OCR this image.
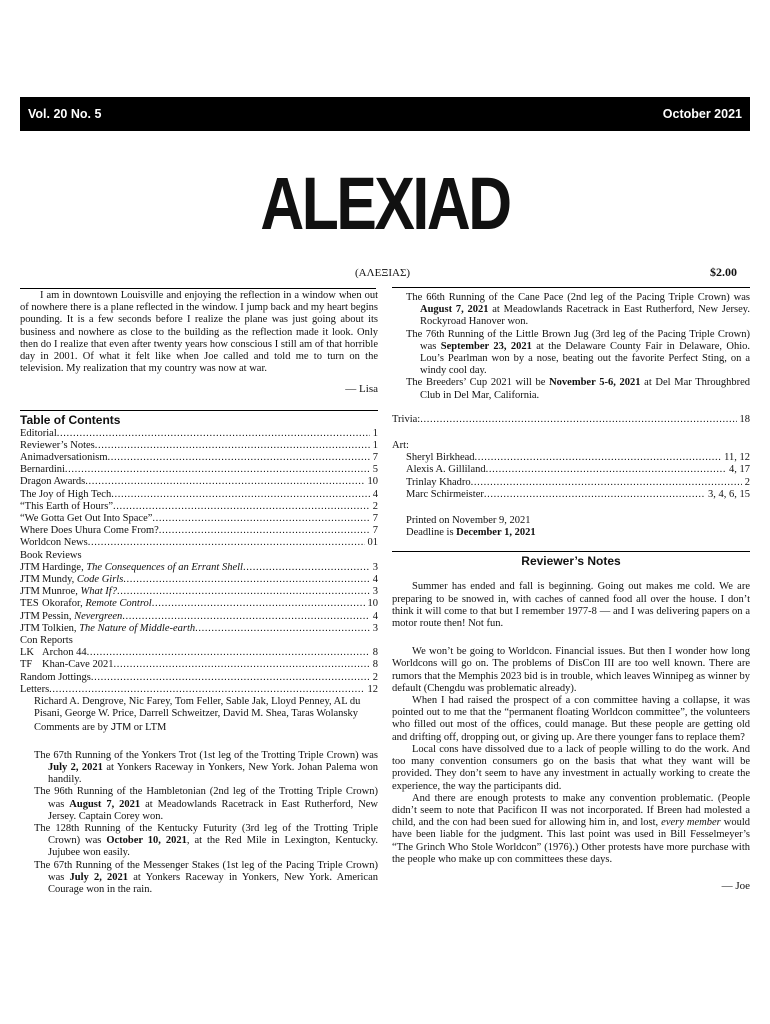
Vol. 20 No. 5	October 2021
ALEXIAD
(ΑΛΕΞΙΑΣ)	$2.00

I am in downtown Louisville and enjoying the reflection in a window when out of nowhere there is a plane reflected in the window. I jump back and my heart begins pounding. It is a few seconds before I realize the plane was just going about its business and nowhere as close to the building as the reflection made it look. Only then do I realize that even after twenty years how conscious I still am of that horrible day in 2001. Of what it felt like when Joe called and told me to turn on the television. My realization that my country was now at war.

— Lisa

Table of Contents
Editorial . . .	1
Reviewer’s Notes . . .	1
Animadversationism . . .	7
Bernardini . . .	5
Dragon Awards . . .	10
The Joy of High Tech . . .	4
“This Earth of Hours” . . .	2
“We Gotta Get Out Into Space” . . .	7
Where Does Uhura Come From? . . .	7
Worldcon News . . .	01
Book Reviews
JTM Hardinge, The Consequences of an Errant Shell . . .	3
JTM Mundy, Code Girls . . .	4
JTM Munroe, What If? . . .	3
TES Okorafor, Remote Control . . .	10
JTM Pessin, Nevergreen . . .	4
JTM Tolkien, The Nature of Middle-earth . . .	3
Con Reports
LK Archon 44 . . .	8
TF Khan-Cave 2021 . . .	8
Random Jottings . . .	2
Letters . . .	12

Richard A. Dengrove, Nic Farey, Tom Feller, Sable Jak, Lloyd Penney, AL du Pisani, George W. Price, Darrell Schweitzer, David M. Shea, Taras Wolansky

Comments are by JTM or LTM

The 67th Running of the Yonkers Trot (1st leg of the Trotting Triple Crown) was July 2, 2021 at Yonkers Raceway in Yonkers, New York. Johan Palema won handily.

The 96th Running of the Hambletonian (2nd leg of the Trotting Triple Crown) was August 7, 2021 at Meadowlands Racetrack in East Rutherford, New Jersey. Captain Corey won.

The 128th Running of the Kentucky Futurity (3rd leg of the Trotting Triple Crown) was October 10, 2021, at the Red Mile in Lexington, Kentucky. Jujubee won easily.

The 67th Running of the Messenger Stakes (1st leg of the Pacing Triple Crown) was July 2, 2021 at Yonkers Raceway in Yonkers, New York. American Courage won in the rain.

The 66th Running of the Cane Pace (2nd leg of the Pacing Triple Crown) was August 7, 2021 at Meadowlands Racetrack in East Rutherford, New Jersey. Rockyroad Hanover won.

The 76th Running of the Little Brown Jug (3rd leg of the Pacing Triple Crown) was September 23, 2021 at the Delaware County Fair in Delaware, Ohio. Lou’s Pearlman won by a nose, beating out the favorite Perfect Sting, on a windy cool day.

The Breeders’ Cup 2021 will be November 5-6, 2021 at Del Mar Throughbred Club in Del Mar, California.

Trivia: . . .	18
Art:
Sheryl Birkhead . . .	11, 12
Alexis A. Gilliland . . .	4, 17
Trinlay Khadro . . .	2
Marc Schirmeister . . .	3, 4, 6, 15

Printed on November 9, 2021

Deadline is December 1, 2021

Reviewer’s Notes

Summer has ended and fall is beginning. Going out makes me cold. We are preparing to be snowed in, with caches of canned food all over the house. I don’t think it will come to that but I remember 1977-8 — and I was delivering papers on a motor route then! Not fun.

We won’t be going to Worldcon. Financial issues. But then I wonder how long Worldcons will go on. The problems of DisCon III are too well known. There are rumors that the Memphis 2023 bid is in trouble, which leaves Winnipeg as winner by default (Chengdu was problematic already).

When I had raised the prospect of a con committee having a collapse, it was pointed out to me that the “permanent floating Worldcon committee”, the volunteers who filled out most of the offices, could manage. But these people are getting old and drifting off, dropping out, or giving up. Are there younger fans to replace them?

Local cons have dissolved due to a lack of people willing to do the work. And too many convention consumers go on the basis that what they want will be provided. They don’t seem to have any investment in actually working to create the experience, the way the participants did.

And there are enough protests to make any convention problematic. (People didn’t seem to note that Pacificon II was not incorporated. If Breen had molested a child, and the con had been sued for allowing him in, and lost, every member would have been liable for the judgment. This last point was used in Bill Fesselmeyer’s “The Grinch Who Stole Worldcon” (1976).) Other protests have more purchase with the people who make up con committees these days.

— Joe
